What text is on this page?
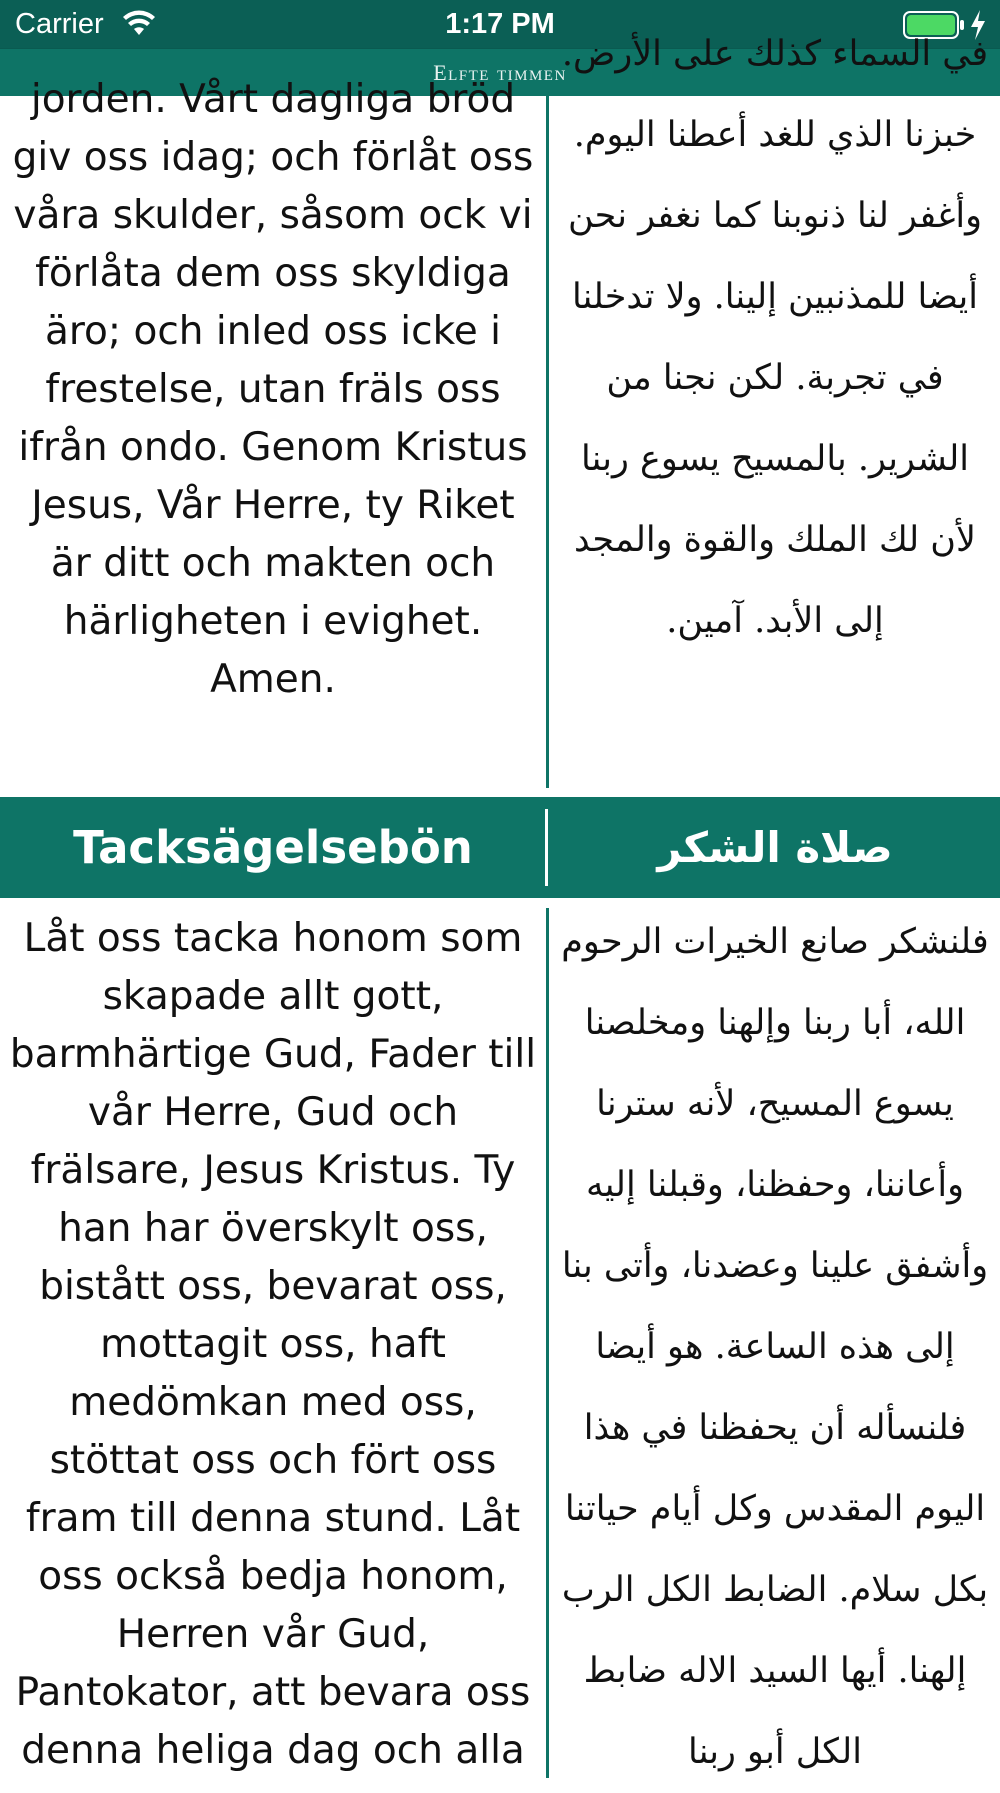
Carrier	1:17 PM
Elfte timmen
jorden. Vårt dagliga bröd giv oss idag; och förlåt oss våra skulder, såsom ock vi förlåta dem oss skyldiga äro; och inled oss icke i frestelse, utan fräls oss ifrån ondo. Genom Kristus Jesus, Vår Herre, ty Riket är ditt och makten och härligheten i evighet. Amen.
في السماء كذلك على الأرض. خبزنا الذي للغد أعطنا اليوم. وأغفر لنا ذنوبنا كما نغفر نحن أيضا للمذنبين إلينا. ولا تدخلنا في تجربة. لكن نجنا من الشرير. بالمسيح يسوع ربنا لأن لك الملك والقوة والمجد إلى الأبد. آمين.
Tacksägelsebön	صلاة الشكر
Låt oss tacka honom som skapade allt gott, barmhärtige Gud, Fader till vår Herre, Gud och frälsare, Jesus Kristus. Ty han har överskylt oss, bistått oss, bevarat oss, mottagit oss, haft medömkan med oss, stöttat oss och fört oss fram till denna stund. Låt oss också bedja honom, Herren vår Gud, Pantokator, att bevara oss denna heliga dag och alla
فلنشكر صانع الخيرات الرحوم الله، أبا ربنا وإلهنا ومخلصنا يسوع المسيح، لأنه سترنا وأعاننا، وحفظنا، وقبلنا إليه وأشفق علينا وعضدنا، وأتى بنا إلى هذه الساعة. هو أيضا فلنسأله أن يحفظنا في هذا اليوم المقدس وكل أيام حياتنا بكل سلام. الضابط الكل الرب إلهنا. أيها السيد الاله ضابط الكل أبو ربنا
